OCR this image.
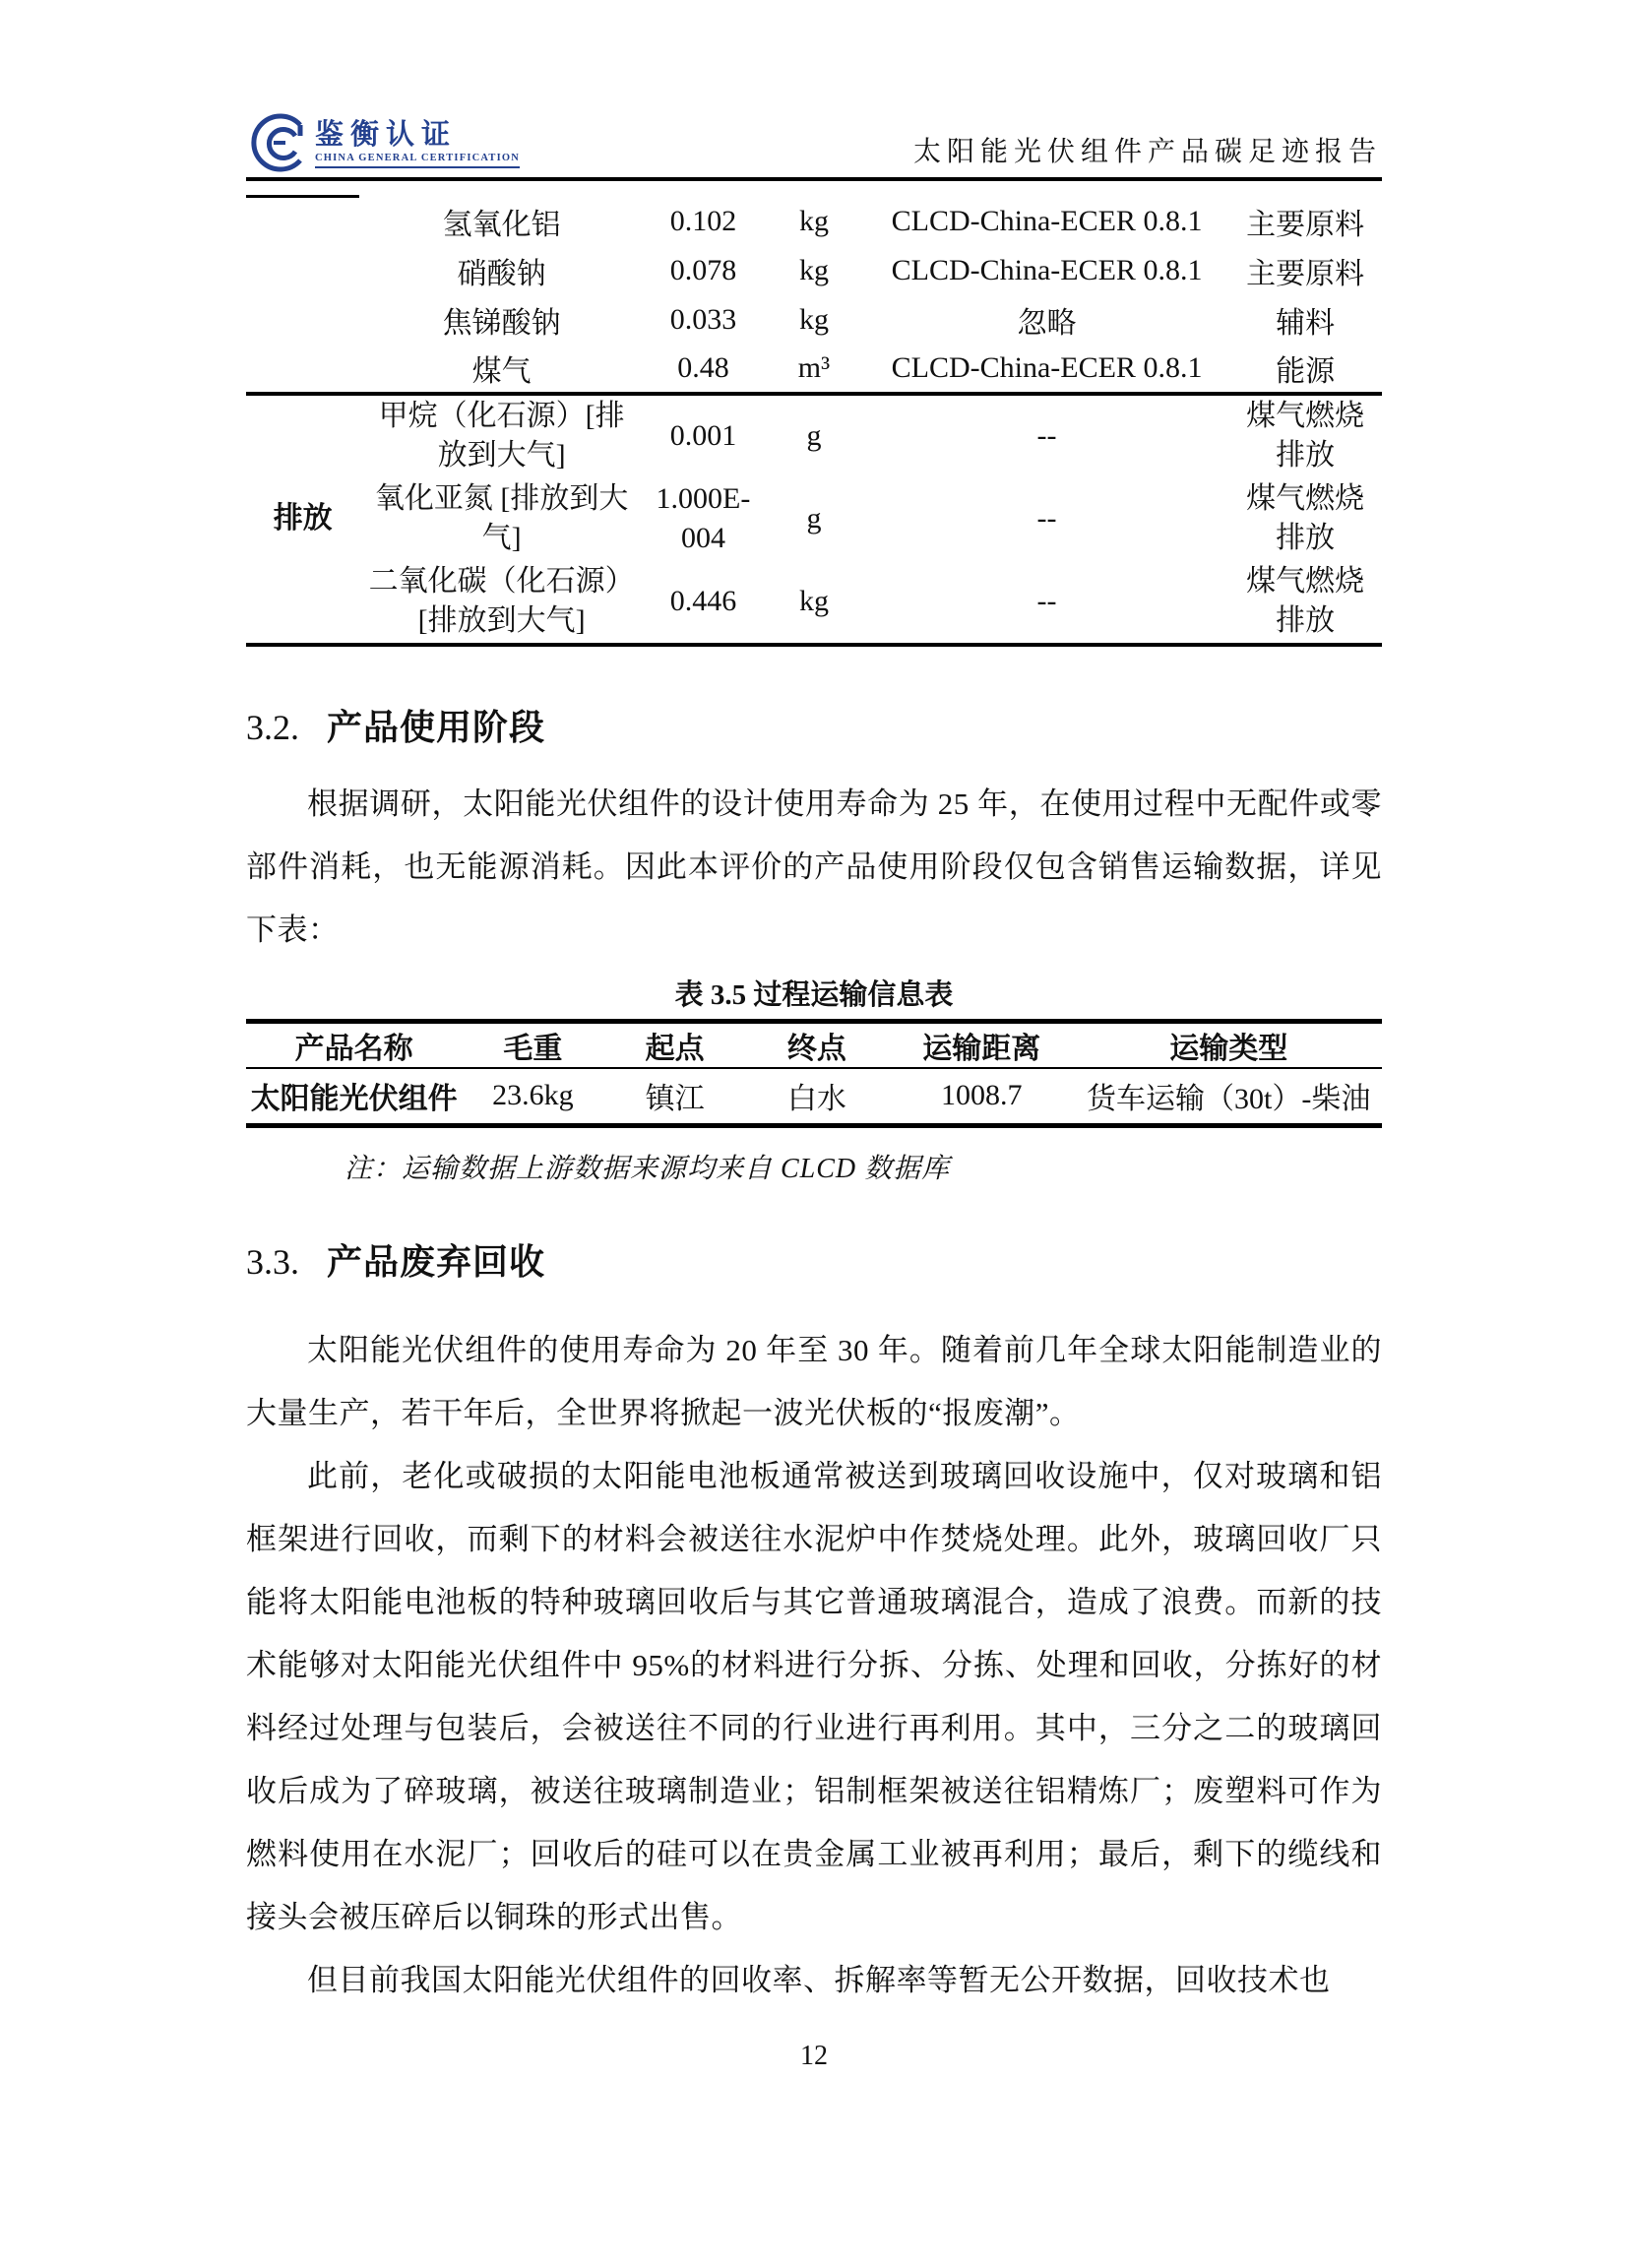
鉴衡认证
CHINA GENERAL CERTIFICATION	太阳能光伏组件产品碳足迹报告
	氢氧化铝	0.102	kg	CLCD-China-ECER 0.8.1	主要原料
	硝酸钠	0.078	kg	CLCD-China-ECER 0.8.1	主要原料
	焦锑酸钠	0.033	kg	忽略	辅料
	煤气	0.48	m³	CLCD-China-ECER 0.8.1	能源
排放	甲烷（化石源）[排放到大气]	0.001	g	--	煤气燃烧排放
	氧化亚氮 [排放到大气]	1.000E-004	g	--	煤气燃烧排放
	二氧化碳（化石源）[排放到大气]	0.446	kg	--	煤气燃烧排放
3.2. 产品使用阶段

根据调研，太阳能光伏组件的设计使用寿命为 25 年，在使用过程中无配件或零部件消耗，也无能源消耗。因此本评价的产品使用阶段仅包含销售运输数据，详见下表：

表 3.5 过程运输信息表

产品名称	毛重	起点	终点	运输距离	运输类型
太阳能光伏组件	23.6kg	镇江	白水	1008.7	货车运输（30t）-柴油

注：运输数据上游数据来源均来自 CLCD 数据库

3.3. 产品废弃回收

太阳能光伏组件的使用寿命为 20 年至 30 年。随着前几年全球太阳能制造业的大量生产，若干年后，全世界将掀起一波光伏板的“报废潮”。

此前，老化或破损的太阳能电池板通常被送到玻璃回收设施中，仅对玻璃和铝框架进行回收，而剩下的材料会被送往水泥炉中作焚烧处理。此外，玻璃回收厂只能将太阳能电池板的特种玻璃回收后与其它普通玻璃混合，造成了浪费。而新的技术能够对太阳能光伏组件中 95%的材料进行分拆、分拣、处理和回收，分拣好的材料经过处理与包装后，会被送往不同的行业进行再利用。其中，三分之二的玻璃回收后成为了碎玻璃，被送往玻璃制造业；铝制框架被送往铝精炼厂；废塑料可作为燃料使用在水泥厂；回收后的硅可以在贵金属工业被再利用；最后，剩下的缆线和接头会被压碎后以铜珠的形式出售。

但目前我国太阳能光伏组件的回收率、拆解率等暂无公开数据，回收技术也

12
